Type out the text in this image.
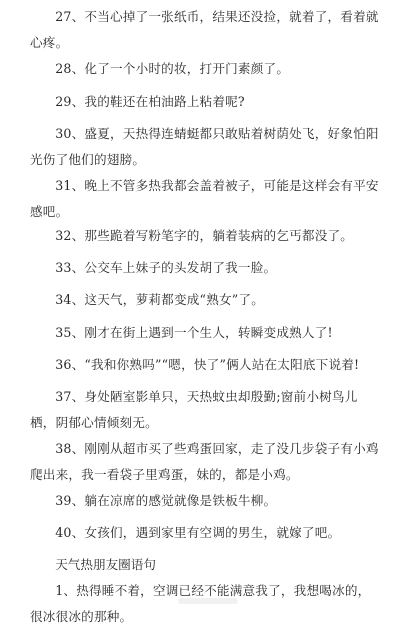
27、不当心掉了一张纸币，结果还没捡，就着了，看着就心疼。
28、化了一个小时的妆，打开门素颜了。
29、我的鞋还在柏油路上粘着呢?
30、盛夏，天热得连蜻蜓都只敢贴着树荫处飞，好象怕阳光伤了他们的翅膀。
31、晚上不管多热我都会盖着被子，可能是这样会有平安感吧。
32、那些跪着写粉笔字的，躺着装病的乞丐都没了。
33、公交车上妹子的头发胡了我一脸。
34、这天气，萝莉都变成“熟女”了。
35、刚才在街上遇到一个生人，转瞬变成熟人了!
36、“我和你熟吗”“嗯，快了”俩人站在太阳底下说着!
37、身处陋室影单只，天热蚊虫却殷勤;窗前小树鸟儿栖，阴郁心情倾刻无。
38、刚刚从超市买了些鸡蛋回家，走了没几步袋子有小鸡爬出来，我一看袋子里鸡蛋，妹的，都是小鸡。
39、躺在凉席的感觉就像是铁板牛柳。
40、女孩们，遇到家里有空调的男生，就嫁了吧。
天气热朋友圈语句
1、热得睡不着，空调已经不能满意我了，我想喝冰的，很冰很冰的那种。
